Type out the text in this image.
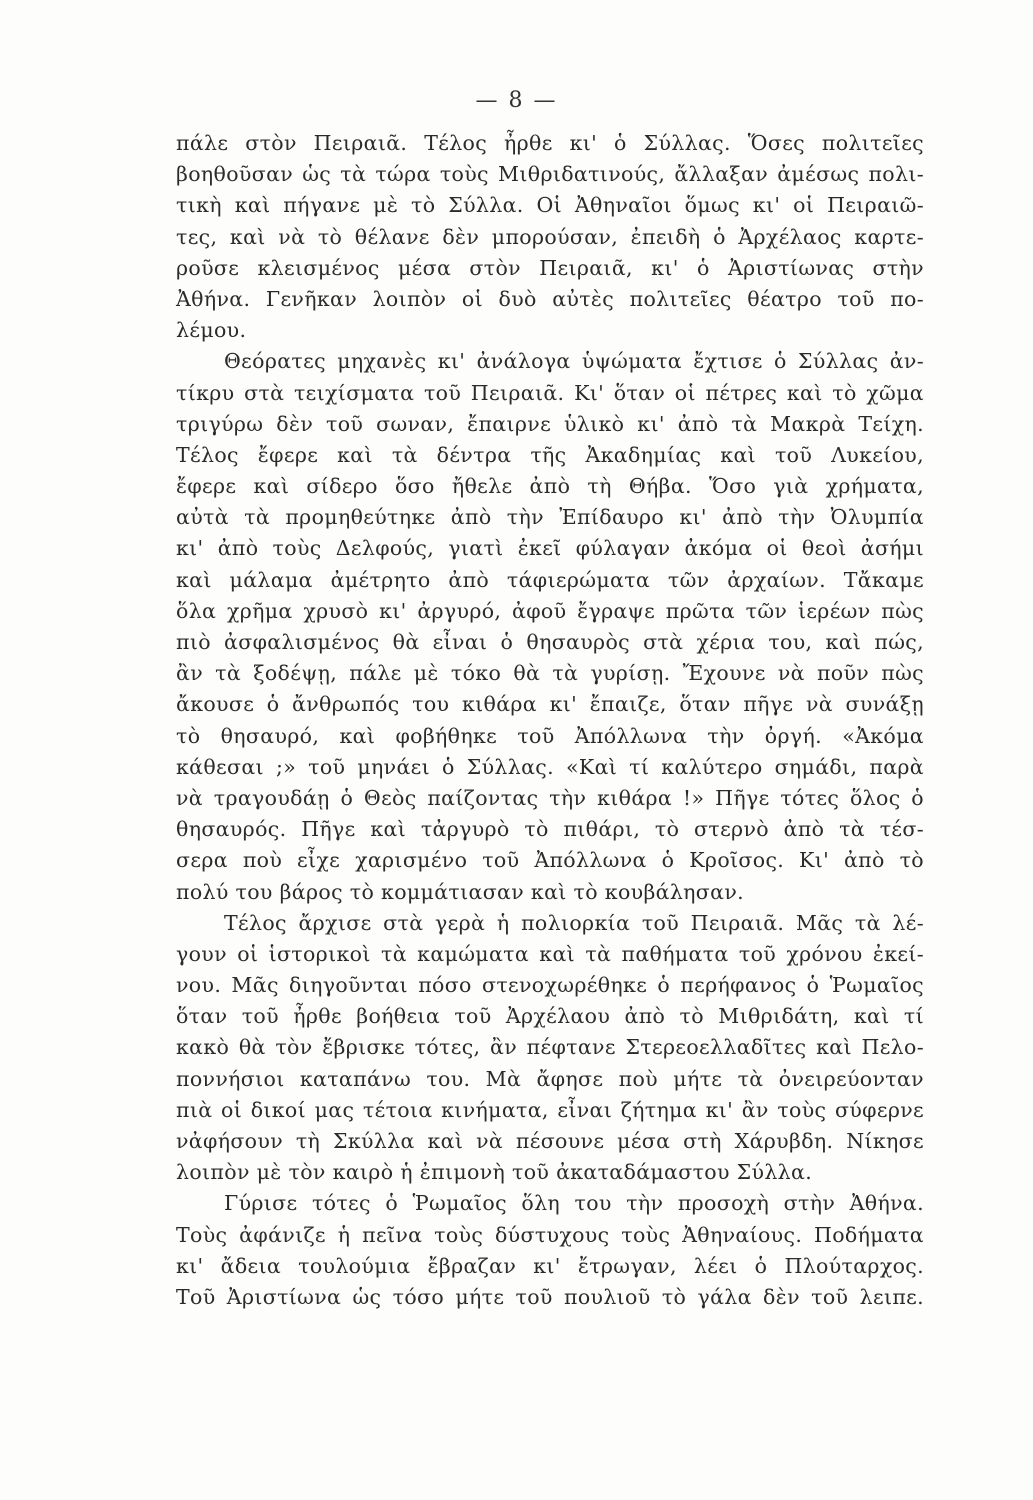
— 8 —
πάλε στὸν Πειραιᾶ. Τέλος ἦρθε κι' ὁ Σύλλας. Ὅσες πολιτεῖες
βοηθοῦσαν ὡς τὰ τώρα τοὺς Μιθριδατινούς, ἄλλαξαν ἀμέσως πολι-
τικὴ καὶ πήγανε μὲ τὸ Σύλλα. Οἱ Ἀθηναῖοι ὅμως κι' οἱ Πειραιῶ-
τες, καὶ νὰ τὸ θέλανε δὲν μπορούσαν, ἐπειδὴ ὁ Ἀρχέλαος καρτε-
ροῦσε κλεισμένος μέσα στὸν Πειραιᾶ, κι' ὁ Ἀριστίωνας στὴν
Ἀθήνα. Γενῆκαν λοιπὸν οἱ δυὸ αὐτὲς πολιτεῖες θέατρο τοῦ πο-
λέμου.
Θεόρατες μηχανὲς κι' ἀνάλογα ὑψώματα ἔχτισε ὁ Σύλλας ἀν-
τίκρυ στὰ τειχίσματα τοῦ Πειραιᾶ. Κι' ὅταν οἱ πέτρες καὶ τὸ χῶμα
τριγύρω δὲν τοῦ σωναν, ἔπαιρνε ὑλικὸ κι' ἀπὸ τὰ Μακρὰ Τείχη.
Τέλος ἔφερε καὶ τὰ δέντρα τῆς Ἀκαδημίας καὶ τοῦ Λυκείου,
ἔφερε καὶ σίδερο ὅσο ἤθελε ἀπὸ τὴ Θήβα. Ὅσο γιὰ χρήματα,
αὐτὰ τὰ προμηθεύτηκε ἀπὸ τὴν Ἐπίδαυρο κι' ἀπὸ τὴν Ὀλυμπία
κι' ἀπὸ τοὺς Δελφούς, γιατὶ ἐκεῖ φύλαγαν ἀκόμα οἱ θεοὶ ἀσήμι
καὶ μάλαμα ἀμέτρητο ἀπὸ τάφιερώματα τῶν ἀρχαίων. Τἄκαμε
ὅλα χρῆμα χρυσὸ κι' ἀργυρό, ἀφοῦ ἔγραψε πρῶτα τῶν ἱερέων πὼς
πιὸ ἀσφαλισμένος θὰ εἶναι ὁ θησαυρὸς στὰ χέρια του, καὶ πώς,
ἂν τὰ ξοδέψῃ, πάλε μὲ τόκο θὰ τὰ γυρίσῃ. Ἔχουνε νὰ ποῦν πὼς
ἄκουσε ὁ ἄνθρωπός του κιθάρα κι' ἔπαιζε, ὅταν πῆγε νὰ συνάξῃ
τὸ θησαυρό, καὶ φοβήθηκε τοῦ Ἀπόλλωνα τὴν ὀργή. «Ἀκόμα
κάθεσαι ;» τοῦ μηνάει ὁ Σύλλας. «Καὶ τί καλύτερο σημάδι, παρὰ
νὰ τραγουδάῃ ὁ Θεὸς παίζοντας τὴν κιθάρα !» Πῆγε τότες ὅλος ὁ
θησαυρός. Πῆγε καὶ τἀργυρὸ τὸ πιθάρι, τὸ στερνὸ ἀπὸ τὰ τέσ-
σερα ποὺ εἶχε χαρισμένο τοῦ Ἀπόλλωνα ὁ Κροῖσος. Κι' ἀπὸ τὸ
πολύ του βάρος τὸ κομμάτιασαν καὶ τὸ κουβάλησαν.
Τέλος ἄρχισε στὰ γερὰ ἡ πολιορκία τοῦ Πειραιᾶ. Μᾶς τὰ λέ-
γουν οἱ ἱστορικοὶ τὰ καμώματα καὶ τὰ παθήματα τοῦ χρόνου ἐκεί-
νου. Μᾶς διηγοῦνται πόσο στενοχωρέθηκε ὁ περήφανος ὁ Ῥωμαῖος
ὅταν τοῦ ἦρθε βοήθεια τοῦ Ἀρχέλαου ἀπὸ τὸ Μιθριδάτη, καὶ τί
κακὸ θὰ τὸν ἔβρισκε τότες, ἂν πέφτανε Στερεοελλαδῖτες καὶ Πελο-
ποννήσιοι καταπάνω του. Μὰ ἄφησε ποὺ μήτε τὰ ὀνειρεύονταν
πιὰ οἱ δικοί μας τέτοια κινήματα, εἶναι ζήτημα κι' ἂν τοὺς σύφερνε
νἀφήσουν τὴ Σκύλλα καὶ νὰ πέσουνε μέσα στὴ Χάρυβδη. Νίκησε
λοιπὸν μὲ τὸν καιρὸ ἡ ἐπιμονὴ τοῦ ἀκαταδάμαστου Σύλλα.
Γύρισε τότες ὁ Ῥωμαῖος ὅλη του τὴν προσοχὴ στὴν Ἀθήνα.
Τοὺς ἀφάνιζε ἡ πεῖνα τοὺς δύστυχους τοὺς Ἀθηναίους. Ποδήματα
κι' ἄδεια τουλούμια ἔβραζαν κι' ἔτρωγαν, λέει ὁ Πλούταρχος.
Τοῦ Ἀριστίωνα ὡς τόσο μήτε τοῦ πουλιοῦ τὸ γάλα δὲν τοῦ λειπε.
